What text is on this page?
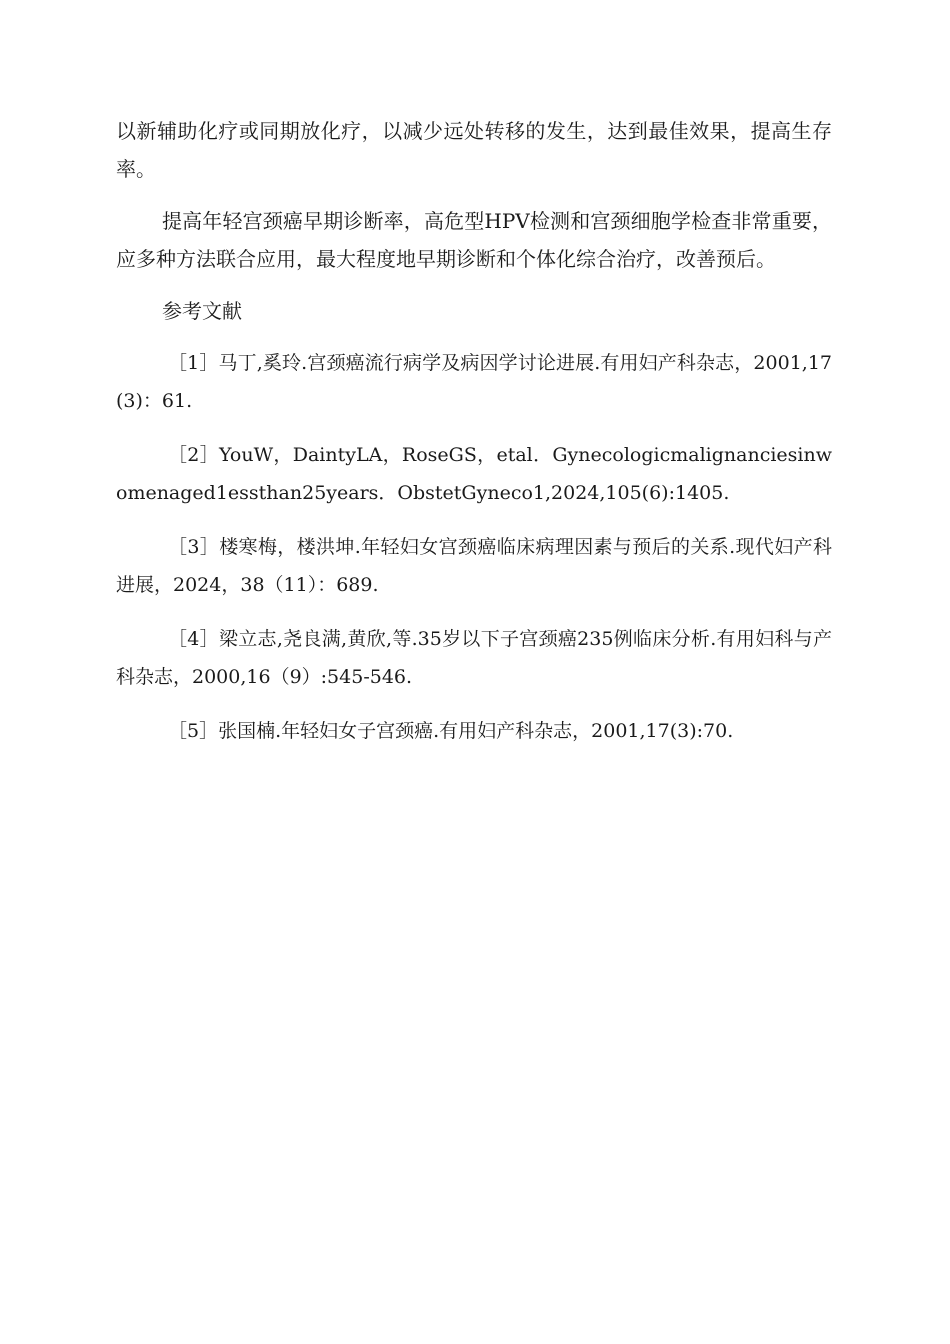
以新辅助化疗或同期放化疗，以减少远处转移的发生，达到最佳效果，提高生存率。

提高年轻宫颈癌早期诊断率，高危型HPV检测和宫颈细胞学检查非常重要，应多种方法联合应用，最大程度地早期诊断和个体化综合治疗，改善预后。

参考文献

［1］马丁,奚玲.宫颈癌流行病学及病因学讨论进展.有用妇产科杂志，2001,17(3)：61.

［2］YouW，DaintyLA，RoseGS，etal．Gynecologicmalignanciesinwomenaged1essthan25years．ObstetGyneco1,2024,105(6):1405.

［3］楼寒梅，楼洪坤.年轻妇女宫颈癌临床病理因素与预后的关系.现代妇产科进展，2024，38（11）：689.

［4］梁立志,尧良满,黄欣,等.35岁以下子宫颈癌235例临床分析.有用妇科与产科杂志，2000,16（9）:545-546.

［5］张国楠.年轻妇女子宫颈癌.有用妇产科杂志，2001,17(3):70.
